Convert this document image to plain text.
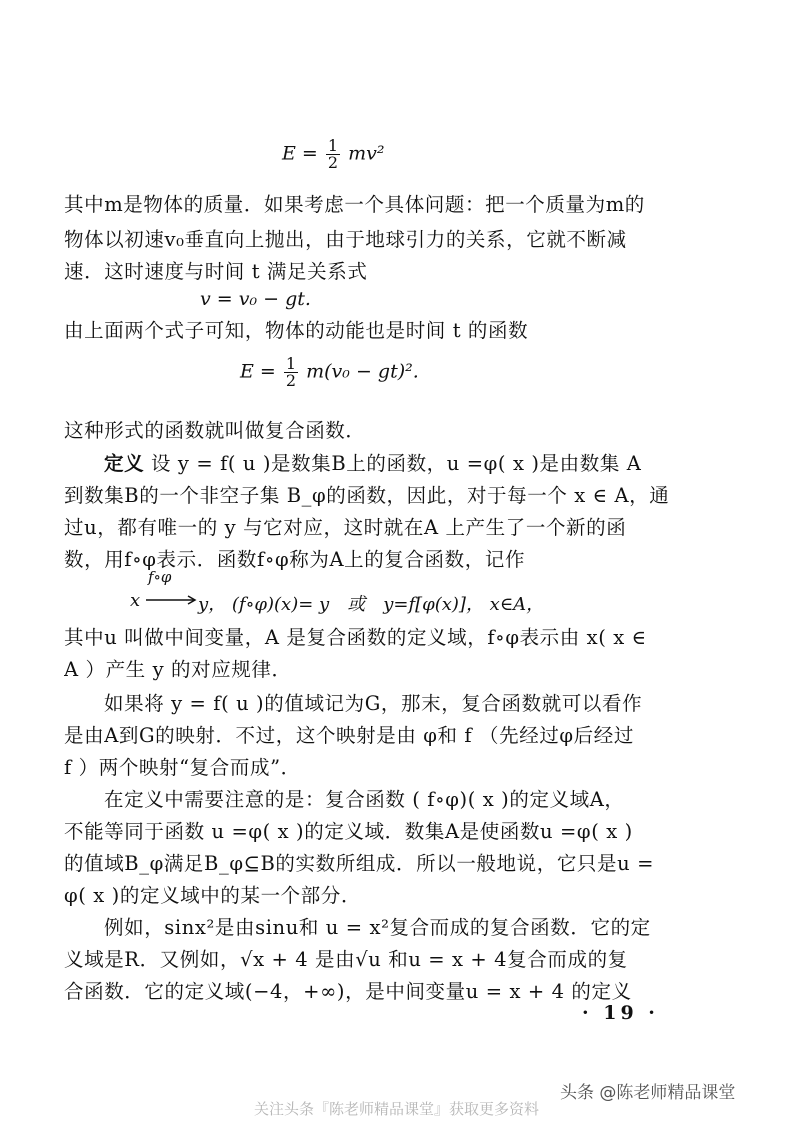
$E = \frac{1}{2} mv^2$
其中m是物体的质量．如果考虑一个具体问题：把一个质量为m的
物体以初速v₀垂直向上抛出，由于地球引力的关系，它就不断减
速．这时速度与时间 t 满足关系式
v = v₀ − gt.
由上面两个式子可知，物体的动能也是时间 t 的函数
$E = \frac{1}{2} m(v_0 - gt)^2$.
这种形式的函数就叫做复合函数．
定义 设 y = f( u )是数集B上的函数，u =φ( x )是由数集 A
到数集B的一个非空子集 B_φ的函数，因此，对于每一个 x ∈ A，通
过u，都有唯一的 y 与它对应，这时就在A 上产生了一个新的函
数，用f∘φ表示．函数f∘φ称为A上的复合函数，记作
f∘φ
x	y， (f∘φ)(x)= y　或　y=f[φ(x)]， x∈A，
其中u 叫做中间变量，A 是复合函数的定义域，f∘φ表示由 x( x ∈
A ）产生 y 的对应规律．
如果将 y = f( u )的值域记为G，那末，复合函数就可以看作
是由A到G的映射．不过，这个映射是由 φ和 f （先经过φ后经过
f ）两个映射“复合而成”．
在定义中需要注意的是：复合函数 ( f∘φ)( x )的定义域A，
不能等同于函数 u =φ( x )的定义域．数集A是使函数u =φ( x )
的值域B_φ满足B_φ⊆B的实数所组成．所以一般地说，它只是u =
φ( x )的定义域中的某一个部分．
例如，sinx²是由sinu和 u = x²复合而成的复合函数．它的定
义域是R．又例如，√x + 4 是由√u 和u = x + 4复合而成的复
合函数．它的定义域(−4，+∞)，是中间变量u = x + 4 的定义
· 19 ·
头条 @陈老师精品课堂
关注头条『陈老师精品课堂』获取更多资料
